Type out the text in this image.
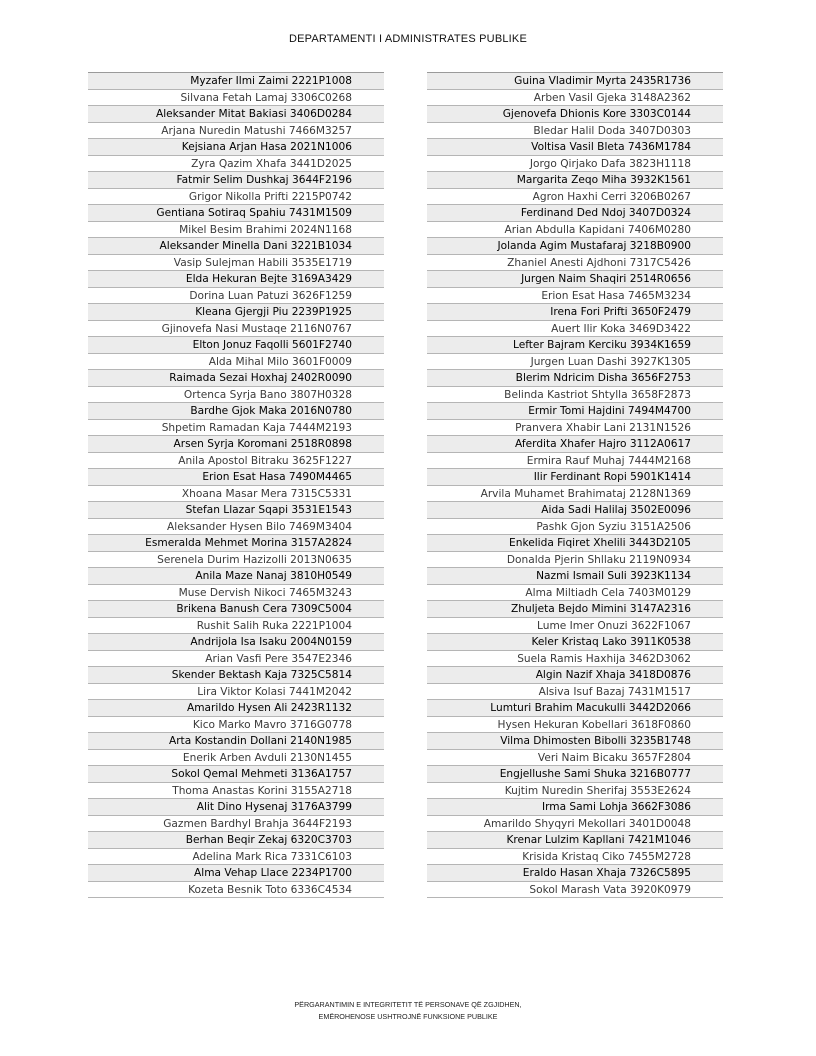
DEPARTAMENTI I ADMINISTRATES PUBLIKE
Myzafer Ilmi Zaimi 2221P1008
Silvana Fetah Lamaj 3306C0268
Aleksander Mitat Bakiasi 3406D0284
Arjana Nuredin Matushi 7466M3257
Kejsiana Arjan Hasa 2021N1006
Zyra Qazim Xhafa 3441D2025
Fatmir Selim Dushkaj 3644F2196
Grigor Nikolla Prifti 2215P0742
Gentiana Sotiraq Spahiu 7431M1509
Mikel Besim Brahimi 2024N1168
Aleksander Minella Dani 3221B1034
Vasip Sulejman Habili 3535E1719
Elda Hekuran Bejte 3169A3429
Dorina Luan Patuzi 3626F1259
Kleana Gjergji Piu 2239P1925
Gjinovefa Nasi Mustaqe 2116N0767
Elton Jonuz Faqolli 5601F2740
Alda Mihal Milo 3601F0009
Raimada Sezai Hoxhaj 2402R0090
Ortenca Syrja Bano 3807H0328
Bardhe Gjok Maka 2016N0780
Shpetim Ramadan Kaja 7444M2193
Arsen Syrja Koromani 2518R0898
Anila Apostol Bitraku 3625F1227
Erion Esat Hasa 7490M4465
Xhoana Masar Mera 7315C5331
Stefan Llazar Sqapi 3531E1543
Aleksander Hysen Bilo 7469M3404
Esmeralda Mehmet Morina 3157A2824
Serenela Durim Hazizolli 2013N0635
Anila Maze Nanaj 3810H0549
Muse Dervish Nikoci 7465M3243
Brikena Banush Cera 7309C5004
Rushit Salih Ruka 2221P1004
Andrijola Isa Isaku 2004N0159
Arian Vasfi Pere 3547E2346
Skender Bektash Kaja 7325C5814
Lira Viktor Kolasi 7441M2042
Amarildo Hysen Ali 2423R1132
Kico Marko Mavro 3716G0778
Arta Kostandin Dollani 2140N1985
Enerik Arben Avduli 2130N1455
Sokol Qemal Mehmeti 3136A1757
Thoma Anastas Korini 3155A2718
Alit Dino Hysenaj 3176A3799
Gazmen Bardhyl Brahja 3644F2193
Berhan Beqir Zekaj 6320C3703
Adelina Mark Rica 7331C6103
Alma Vehap Llace 2234P1700
Kozeta Besnik Toto 6336C4534
Guina Vladimir Myrta 2435R1736
Arben Vasil Gjeka 3148A2362
Gjenovefa Dhionis Kore 3303C0144
Bledar Halil Doda 3407D0303
Voltisa Vasil Bleta 7436M1784
Jorgo Qirjako Dafa 3823H1118
Margarita Zeqo Miha 3932K1561
Agron Haxhi Cerri 3206B0267
Ferdinand Ded Ndoj 3407D0324
Arian Abdulla Kapidani 7406M0280
Jolanda Agim Mustafaraj 3218B0900
Zhaniel Anesti Ajdhoni 7317C5426
Jurgen Naim Shaqiri 2514R0656
Erion Esat Hasa 7465M3234
Irena Fori Prifti 3650F2479
Auert Ilir Koka 3469D3422
Lefter Bajram Kerciku 3934K1659
Jurgen Luan Dashi 3927K1305
Blerim Ndricim Disha 3656F2753
Belinda Kastriot Shtylla 3658F2873
Ermir Tomi Hajdini 7494M4700
Pranvera Xhabir Lani 2131N1526
Aferdita Xhafer Hajro 3112A0617
Ermira Rauf Muhaj 7444M2168
Ilir Ferdinant Ropi 5901K1414
Arvila Muhamet Brahimataj 2128N1369
Aida Sadi Halilaj 3502E0096
Pashk Gjon Syziu 3151A2506
Enkelida Fiqiret Xhelili 3443D2105
Donalda Pjerin Shllaku 2119N0934
Nazmi Ismail Suli 3923K1134
Alma Miltiadh Cela 7403M0129
Zhuljeta Bejdo Mimini 3147A2316
Lume Imer Onuzi 3622F1067
Keler Kristaq Lako 3911K0538
Suela Ramis Haxhija 3462D3062
Algin Nazif Xhaja 3418D0876
Alsiva Isuf Bazaj 7431M1517
Lumturi Brahim Macukulli 3442D2066
Hysen Hekuran Kobellari 3618F0860
Vilma Dhimosten Bibolli 3235B1748
Veri Naim Bicaku 3657F2804
Engjellushe Sami Shuka 3216B0777
Kujtim Nuredin Sherifaj 3553E2624
Irma Sami Lohja 3662F3086
Amarildo Shyqyri Mekollari 3401D0048
Krenar Lulzim Kapllani 7421M1046
Krisida Kristaq Ciko 7455M2728
Eraldo Hasan Xhaja 7326C5895
Sokol Marash Vata 3920K0979
PËRGARANTIMIN E INTEGRITETIT TË PERSONAVE QË ZGJIDHEN,
EMËROHENOSE USHTROJNË FUNKSIONE PUBLIKE
